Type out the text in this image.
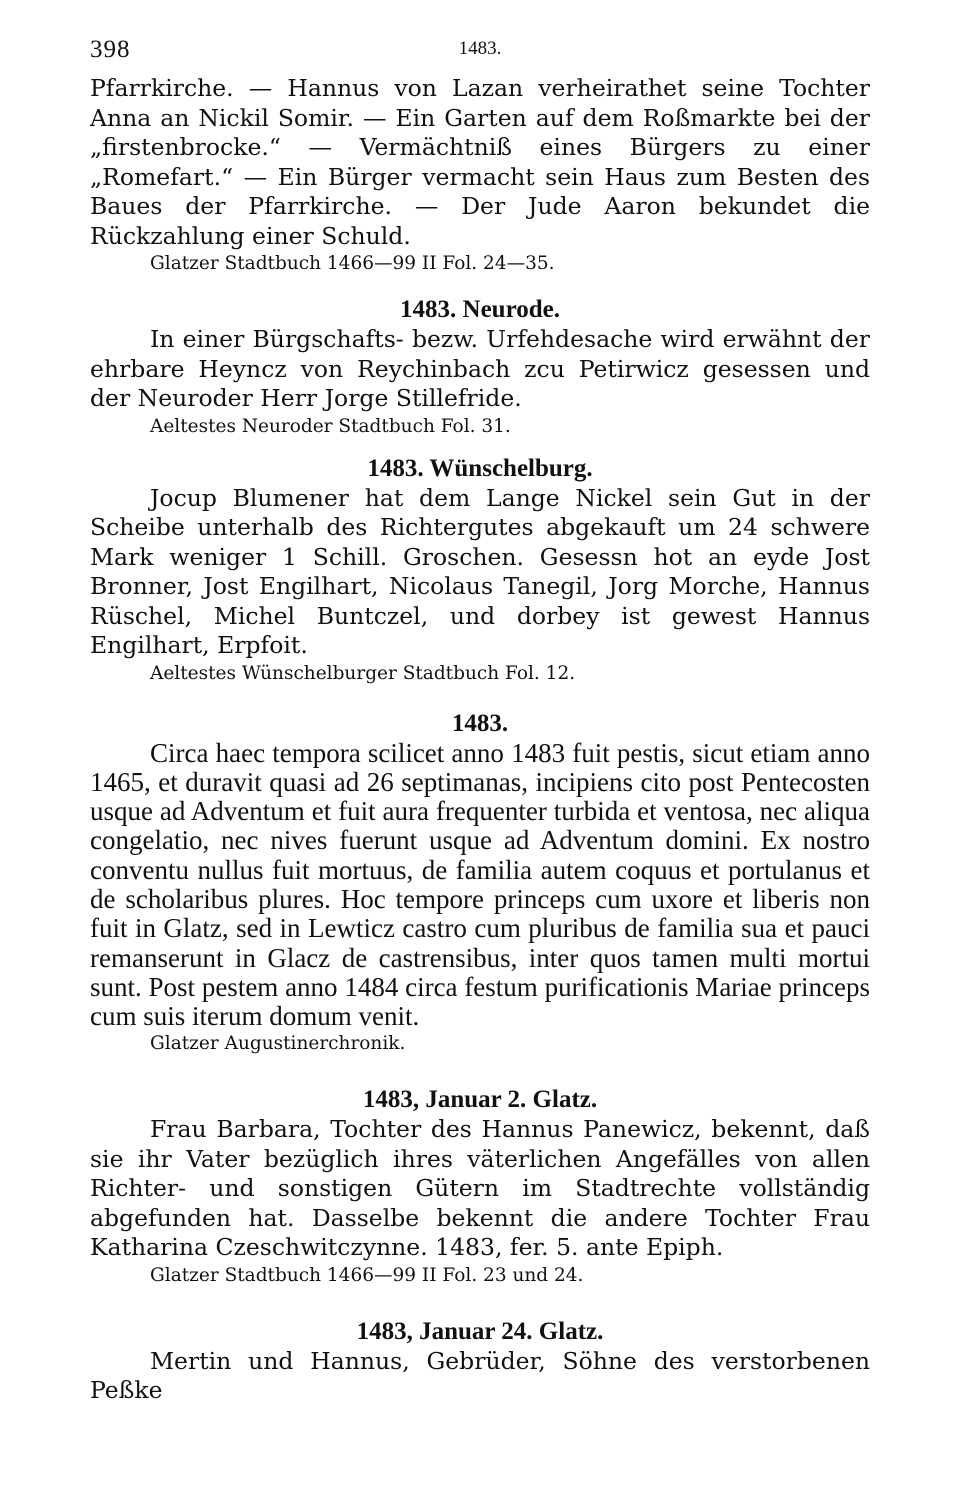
398	1483.

Pfarrkirche. — Hannus von Lazan verheirathet seine Tochter Anna an Nickil Somir. — Ein Garten auf dem Roßmarkte bei der „firstenbrocke.“ — Vermächtniß eines Bürgers zu einer „Romefart.“ — Ein Bürger vermacht sein Haus zum Besten des Baues der Pfarrkirche. — Der Jude Aaron bekundet die Rückzahlung einer Schuld.

Glatzer Stadtbuch 1466—99 II Fol. 24—35.

1483. Neurode.

In einer Bürgschafts- bezw. Urfehdesache wird erwähnt der ehrbare Heyncz von Reychinbach zcu Petirwicz gesessen und der Neuroder Herr Jorge Stillefride.

Aeltestes Neuroder Stadtbuch Fol. 31.

1483. Wünschelburg.

Jocup Blumener hat dem Lange Nickel sein Gut in der Scheibe unterhalb des Richtergutes abgekauft um 24 schwere Mark weniger 1 Schill. Groschen. Gesessn hot an eyde Jost Bronner, Jost Engilhart, Nicolaus Tanegil, Jorg Morche, Hannus Rüschel, Michel Buntczel, und dorbey ist gewest Hannus Engilhart, Erpfoit.

Aeltestes Wünschelburger Stadtbuch Fol. 12.

1483.

Circa haec tempora scilicet anno 1483 fuit pestis, sicut etiam anno 1465, et duravit quasi ad 26 septimanas, incipiens cito post Pentecosten usque ad Adventum et fuit aura frequenter turbida et ventosa, nec aliqua congelatio, nec nives fuerunt usque ad Adventum domini. Ex nostro conventu nullus fuit mortuus, de familia autem coquus et portulanus et de scholaribus plures. Hoc tempore princeps cum uxore et liberis non fuit in Glatz, sed in Lewticz castro cum pluribus de familia sua et pauci remanserunt in Glacz de castrensibus, inter quos tamen multi mortui sunt. Post pestem anno 1484 circa festum purificationis Mariae princeps cum suis iterum domum venit.

Glatzer Augustinerchronik.

1483, Januar 2. Glatz.

Frau Barbara, Tochter des Hannus Panewicz, bekennt, daß sie ihr Vater bezüglich ihres väterlichen Angefälles von allen Richter- und sonstigen Gütern im Stadtrechte vollständig abgefunden hat. Dasselbe bekennt die andere Tochter Frau Katharina Czeschwitczynne. 1483, fer. 5. ante Epiph.

Glatzer Stadtbuch 1466—99 II Fol. 23 und 24.

1483, Januar 24. Glatz.

Mertin und Hannus, Gebrüder, Söhne des verstorbenen Peßke
